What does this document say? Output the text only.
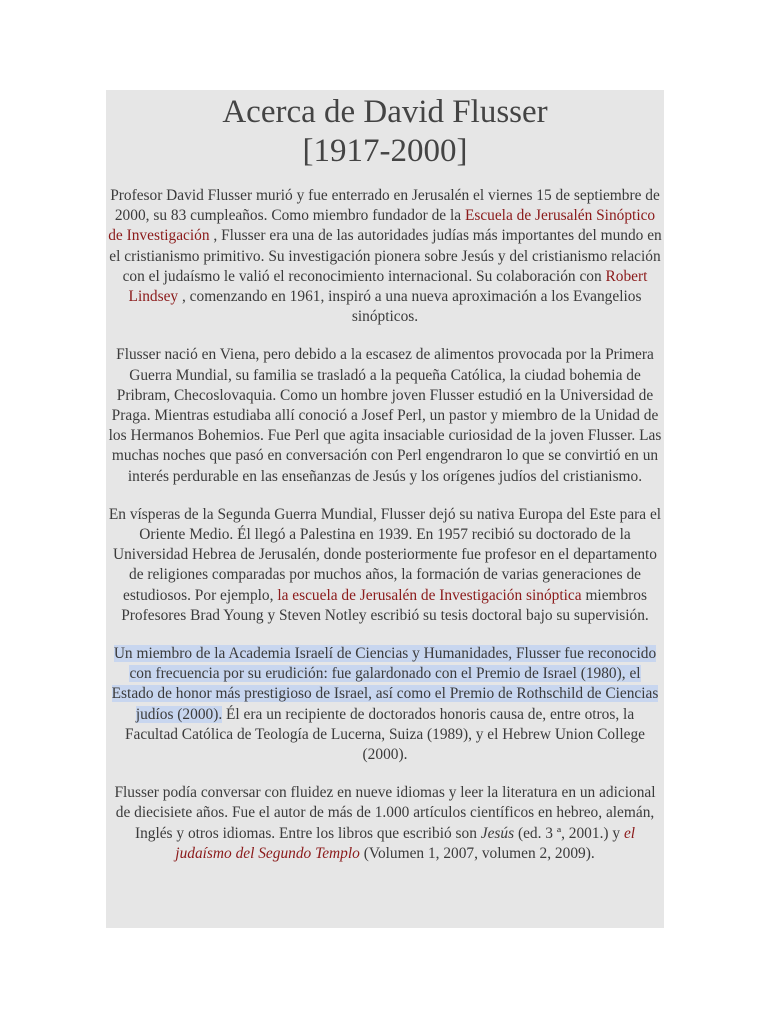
Acerca de David Flusser
[1917-2000]

Profesor David Flusser murió y fue enterrado en Jerusalén el viernes 15 de septiembre de 2000, su 83 cumpleaños. Como miembro fundador de la Escuela de Jerusalén Sinóptico de Investigación , Flusser era una de las autoridades judías más importantes del mundo en el cristianismo primitivo. Su investigación pionera sobre Jesús y del cristianismo relación con el judaísmo le valió el reconocimiento internacional. Su colaboración con Robert Lindsey , comenzando en 1961, inspiró a una nueva aproximación a los Evangelios sinópticos.

Flusser nació en Viena, pero debido a la escasez de alimentos provocada por la Primera Guerra Mundial, su familia se trasladó a la pequeña Católica, la ciudad bohemia de Pribram, Checoslovaquia. Como un hombre joven Flusser estudió en la Universidad de Praga. Mientras estudiaba allí conoció a Josef Perl, un pastor y miembro de la Unidad de los Hermanos Bohemios. Fue Perl que agita insaciable curiosidad de la joven Flusser. Las muchas noches que pasó en conversación con Perl engendraron lo que se convirtió en un interés perdurable en las enseñanzas de Jesús y los orígenes judíos del cristianismo.

En vísperas de la Segunda Guerra Mundial, Flusser dejó su nativa Europa del Este para el Oriente Medio. Él llegó a Palestina en 1939. En 1957 recibió su doctorado de la Universidad Hebrea de Jerusalén, donde posteriormente fue profesor en el departamento de religiones comparadas por muchos años, la formación de varias generaciones de estudiosos. Por ejemplo, la escuela de Jerusalén de Investigación sinóptica miembros Profesores Brad Young y Steven Notley escribió su tesis doctoral bajo su supervisión.

Un miembro de la Academia Israelí de Ciencias y Humanidades, Flusser fue reconocido con frecuencia por su erudición: fue galardonado con el Premio de Israel (1980), el Estado de honor más prestigioso de Israel, así como el Premio de Rothschild de Ciencias judíos (2000). Él era un recipiente de doctorados honoris causa de, entre otros, la Facultad Católica de Teología de Lucerna, Suiza (1989), y el Hebrew Union College (2000).

Flusser podía conversar con fluidez en nueve idiomas y leer la literatura en un adicional de diecisiete años. Fue el autor de más de 1.000 artículos científicos en hebreo, alemán, Inglés y otros idiomas. Entre los libros que escribió son Jesús (ed. 3 ª, 2001.) y el judaísmo del Segundo Templo (Volumen 1, 2007, volumen 2, 2009).
